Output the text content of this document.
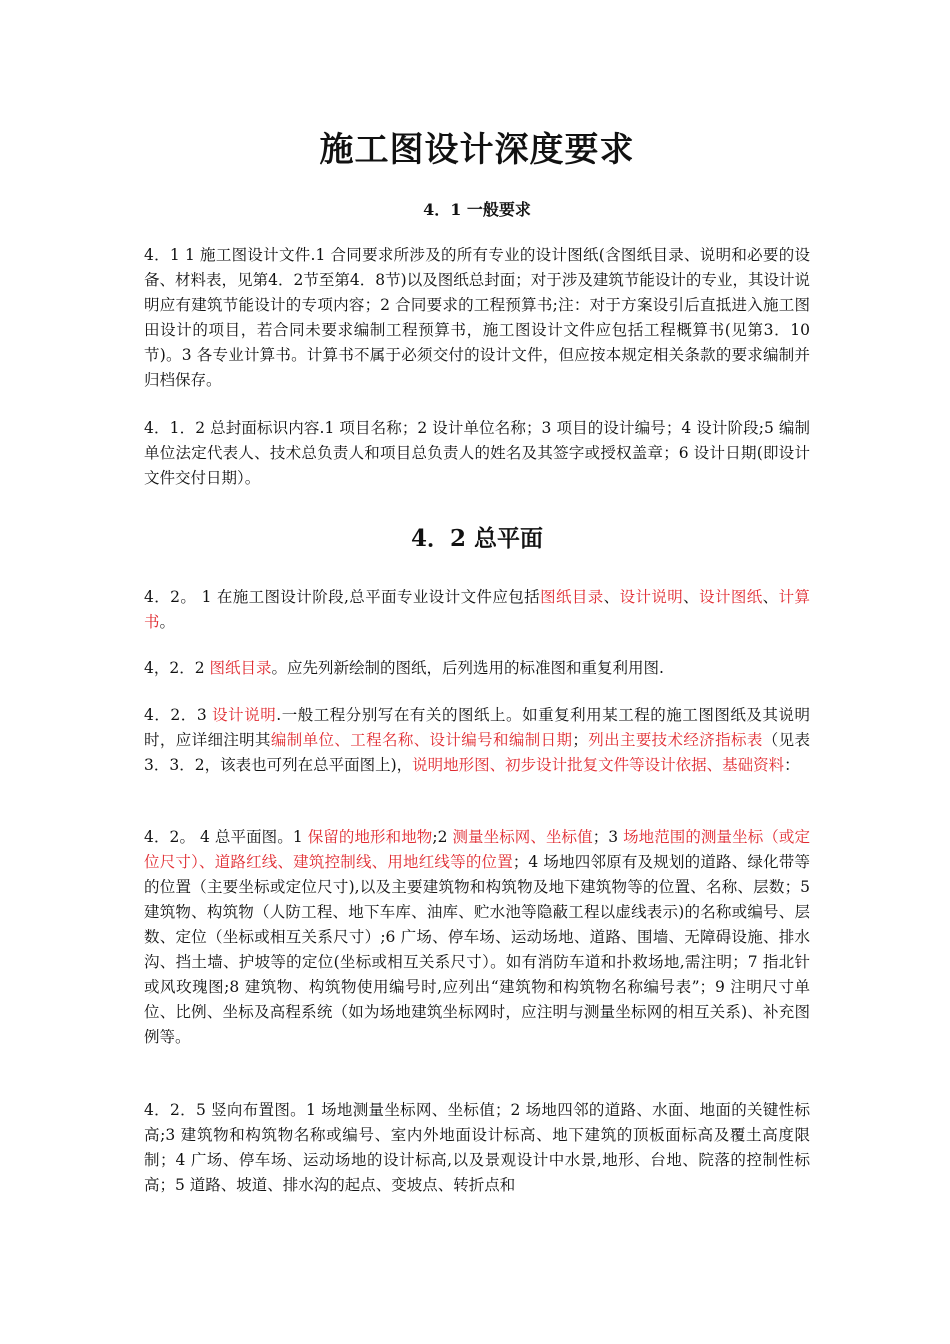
施工图设计深度要求
4．1 一般要求

4．1 1 施工图设计文件.1 合同要求所涉及的所有专业的设计图纸(含图纸目录、说明和必要的设备、材料表，见第4．2节至第4．8节)以及图纸总封面；对于涉及建筑节能设计的专业，其设计说明应有建筑节能设计的专项内容；2 合同要求的工程预算书;注：对于方案设引后直抵进入施工图田设计的项目，若合同未要求编制工程预算书，施工图设计文件应包括工程概算书(见第3．10节)。3 各专业计算书。计算书不属于必须交付的设计文件，但应按本规定相关条款的要求编制并归档保存。

4．1．2 总封面标识内容.1 项目名称；2 设计单位名称；3 项目的设计编号；4 设计阶段;5 编制单位法定代表人、技术总负责人和项目总负责人的姓名及其签字或授权盖章；6 设计日期(即设计文件交付日期）。

4．2 总平面

4．2。 1 在施工图设计阶段,总平面专业设计文件应包括图纸目录、设计说明、设计图纸、计算书。

4，2．2 图纸目录。应先列新绘制的图纸，后列选用的标准图和重复利用图.

4．2．3 设计说明.一般工程分别写在有关的图纸上。如重复利用某工程的施工图图纸及其说明时，应详细注明其编制单位、工程名称、设计编号和编制日期；列出主要技术经济指标表（见表3．3．2，该表也可列在总平面图上)，说明地形图、初步设计批复文件等设计依据、基础资料：

4．2。 4 总平面图。1 保留的地形和地物;2 测量坐标网、坐标值；3 场地范围的测量坐标（或定位尺寸）、道路红线、建筑控制线、用地红线等的位置；4 场地四邻原有及规划的道路、绿化带等的位置（主要坐标或定位尺寸),以及主要建筑物和构筑物及地下建筑物等的位置、名称、层数；5 建筑物、构筑物（人防工程、地下车库、油库、贮水池等隐蔽工程以虚线表示)的名称或编号、层数、定位（坐标或相互关系尺寸）;6 广场、停车场、运动场地、道路、围墙、无障碍设施、排水沟、挡土墙、护坡等的定位(坐标或相互关系尺寸）。如有消防车道和扑救场地,需注明；7 指北针或风玫瑰图;8 建筑物、构筑物使用编号时,应列出“建筑物和构筑物名称编号表”；9 注明尺寸单位、比例、坐标及高程系统（如为场地建筑坐标网时，应注明与测量坐标网的相互关系)、补充图例等。

4．2．5 竖向布置图。1 场地测量坐标网、坐标值；2 场地四邻的道路、水面、地面的关键性标高;3 建筑物和构筑物名称或编号、室内外地面设计标高、地下建筑的顶板面标高及覆土高度限制；4 广场、停车场、运动场地的设计标高,以及景观设计中水景,地形、台地、院落的控制性标高；5 道路、坡道、排水沟的起点、变坡点、转折点和
